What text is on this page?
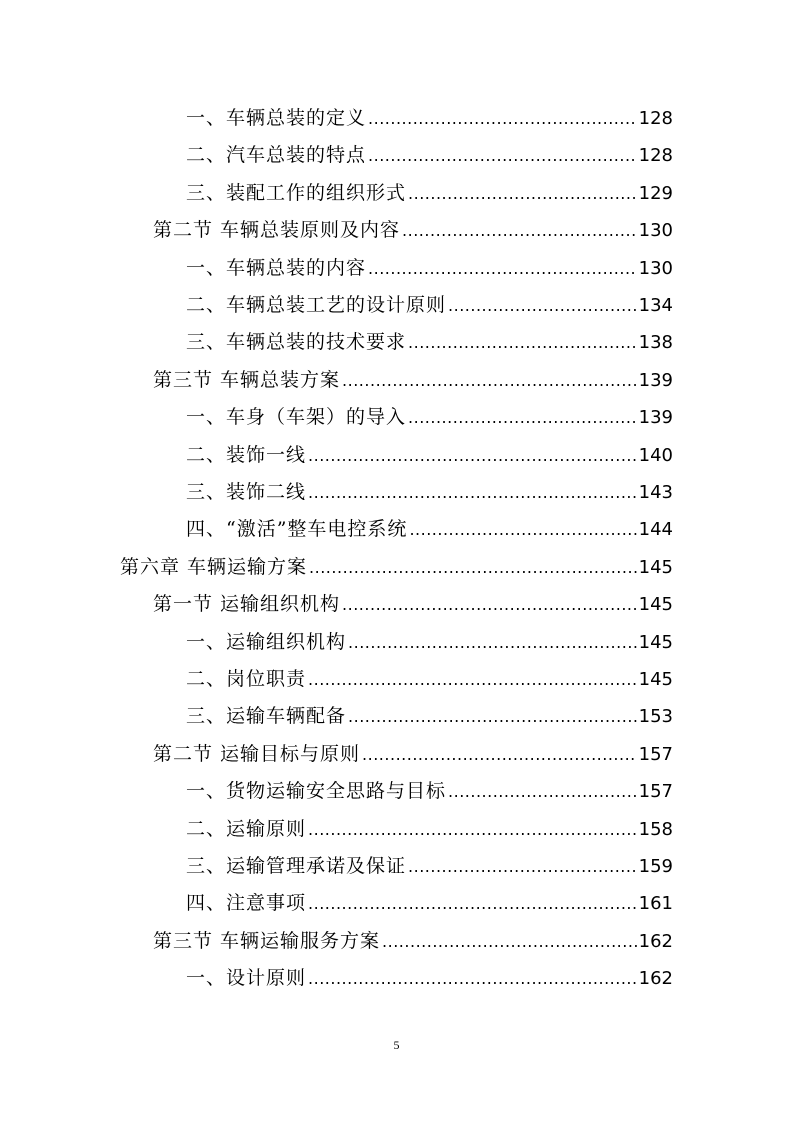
一、车辆总装的定义 .....	128
二、汽车总装的特点 .....	128
三、装配工作的组织形式 .....	129
第二节 车辆总装原则及内容 .....	130
一、车辆总装的内容 .....	130
二、车辆总装工艺的设计原则 .....	134
三、车辆总装的技术要求 .....	138
第三节 车辆总装方案 .....	139
一、车身（车架）的导入 .....	139
二、装饰一线 .....	140
三、装饰二线 .....	143
四、“激活”整车电控系统 .....	144
第六章 车辆运输方案 .....	145
第一节 运输组织机构 .....	145
一、运输组织机构 .....	145
二、岗位职责 .....	145
三、运输车辆配备 .....	153
第二节 运输目标与原则 .....	157
一、货物运输安全思路与目标 .....	157
二、运输原则 .....	158
三、运输管理承诺及保证 .....	159
四、注意事项 .....	161
第三节 车辆运输服务方案 .....	162
一、设计原则 .....	162
5
